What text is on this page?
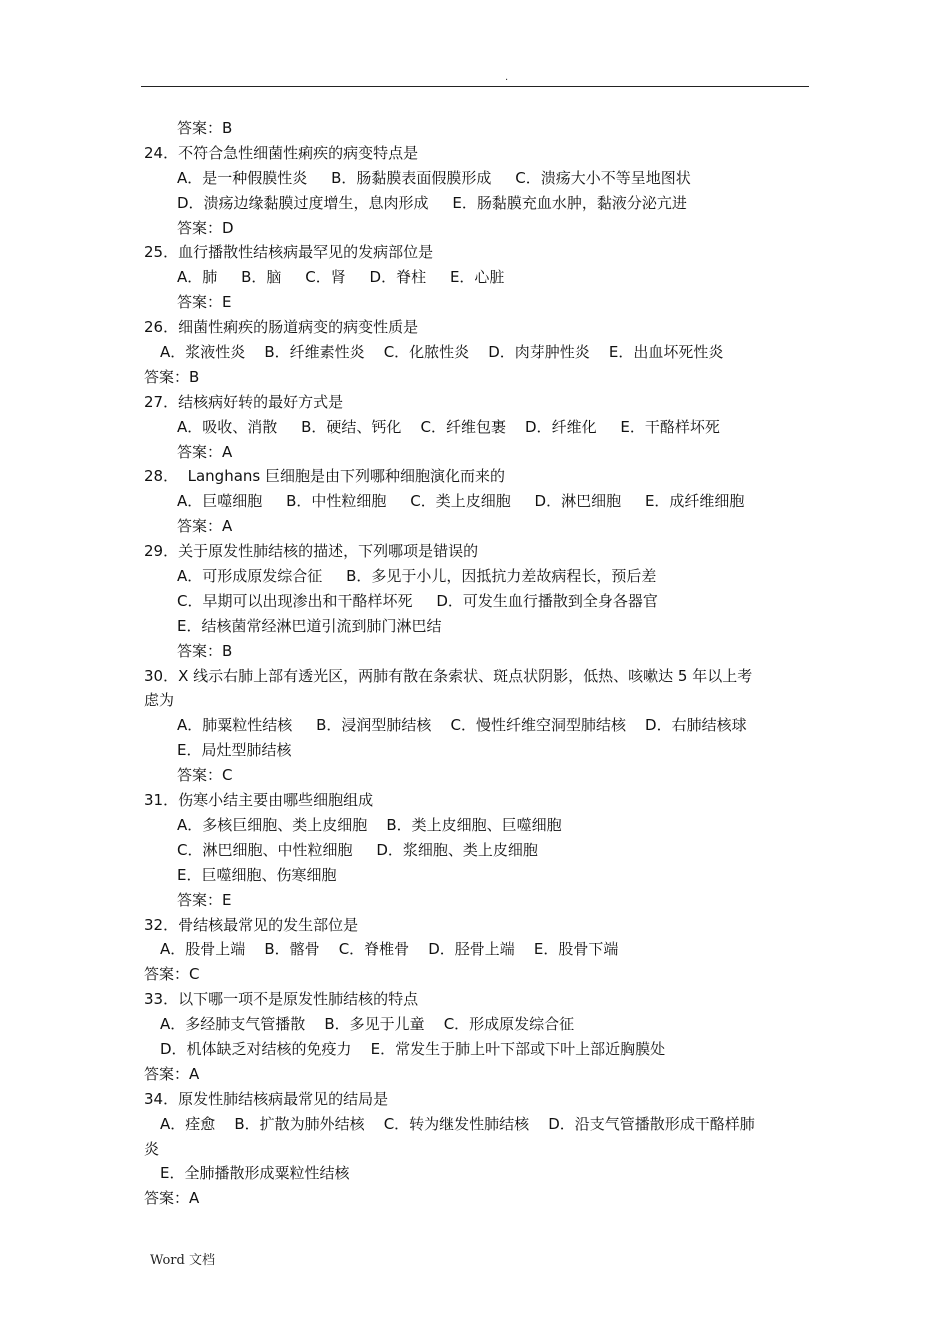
.
答案：B
24．不符合急性细菌性痢疾的病变特点是
A．是一种假膜性炎     B．肠黏膜表面假膜形成     C．溃疡大小不等呈地图状
D．溃疡边缘黏膜过度增生，息肉形成     E．肠黏膜充血水肿，黏液分泌亢进
答案：D
25．血行播散性结核病最罕见的发病部位是
A．肺     B．脑     C．肾     D．脊柱     E．心脏
答案：E
26．细菌性痢疾的肠道病变的病变性质是
A．浆液性炎    B．纤维素性炎    C．化脓性炎    D．肉芽肿性炎    E．出血坏死性炎
答案：B
27．结核病好转的最好方式是
A．吸收、消散     B．硬结、钙化    C．纤维包裹    D．纤维化     E．干酪样坏死
答案：A
28．  Langhans 巨细胞是由下列哪种细胞演化而来的
A．巨噬细胞     B．中性粒细胞     C．类上皮细胞     D．淋巴细胞     E．成纤维细胞
答案：A
29．关于原发性肺结核的描述，下列哪项是错误的
A．可形成原发综合征     B．多见于小儿，因抵抗力差故病程长，预后差
C．早期可以出现渗出和干酪样坏死     D．可发生血行播散到全身各器官
E．结核菌常经淋巴道引流到肺门淋巴结
答案：B
30．X 线示右肺上部有透光区，两肺有散在条索状、斑点状阴影，低热、咳嗽达 5 年以上考
虑为
A．肺粟粒性结核     B．浸润型肺结核    C．慢性纤维空洞型肺结核    D．右肺结核球
E．局灶型肺结核
答案：C
31．伤寒小结主要由哪些细胞组成
A．多核巨细胞、类上皮细胞    B．类上皮细胞、巨噬细胞
C．淋巴细胞、中性粒细胞     D．浆细胞、类上皮细胞
E．巨噬细胞、伤寒细胞
答案：E
32．骨结核最常见的发生部位是
A．股骨上端    B．髂骨    C．脊椎骨    D．胫骨上端    E．股骨下端
答案：C
33．以下哪一项不是原发性肺结核的特点
A．多经肺支气管播散    B．多见于儿童    C．形成原发综合征
D．机体缺乏对结核的免疫力    E．常发生于肺上叶下部或下叶上部近胸膜处
答案：A
34．原发性肺结核病最常见的结局是
A．痊愈    B．扩散为肺外结核    C．转为继发性肺结核    D．沿支气管播散形成干酪样肺
炎
E．全肺播散形成粟粒性结核
答案：A
Word 文档
